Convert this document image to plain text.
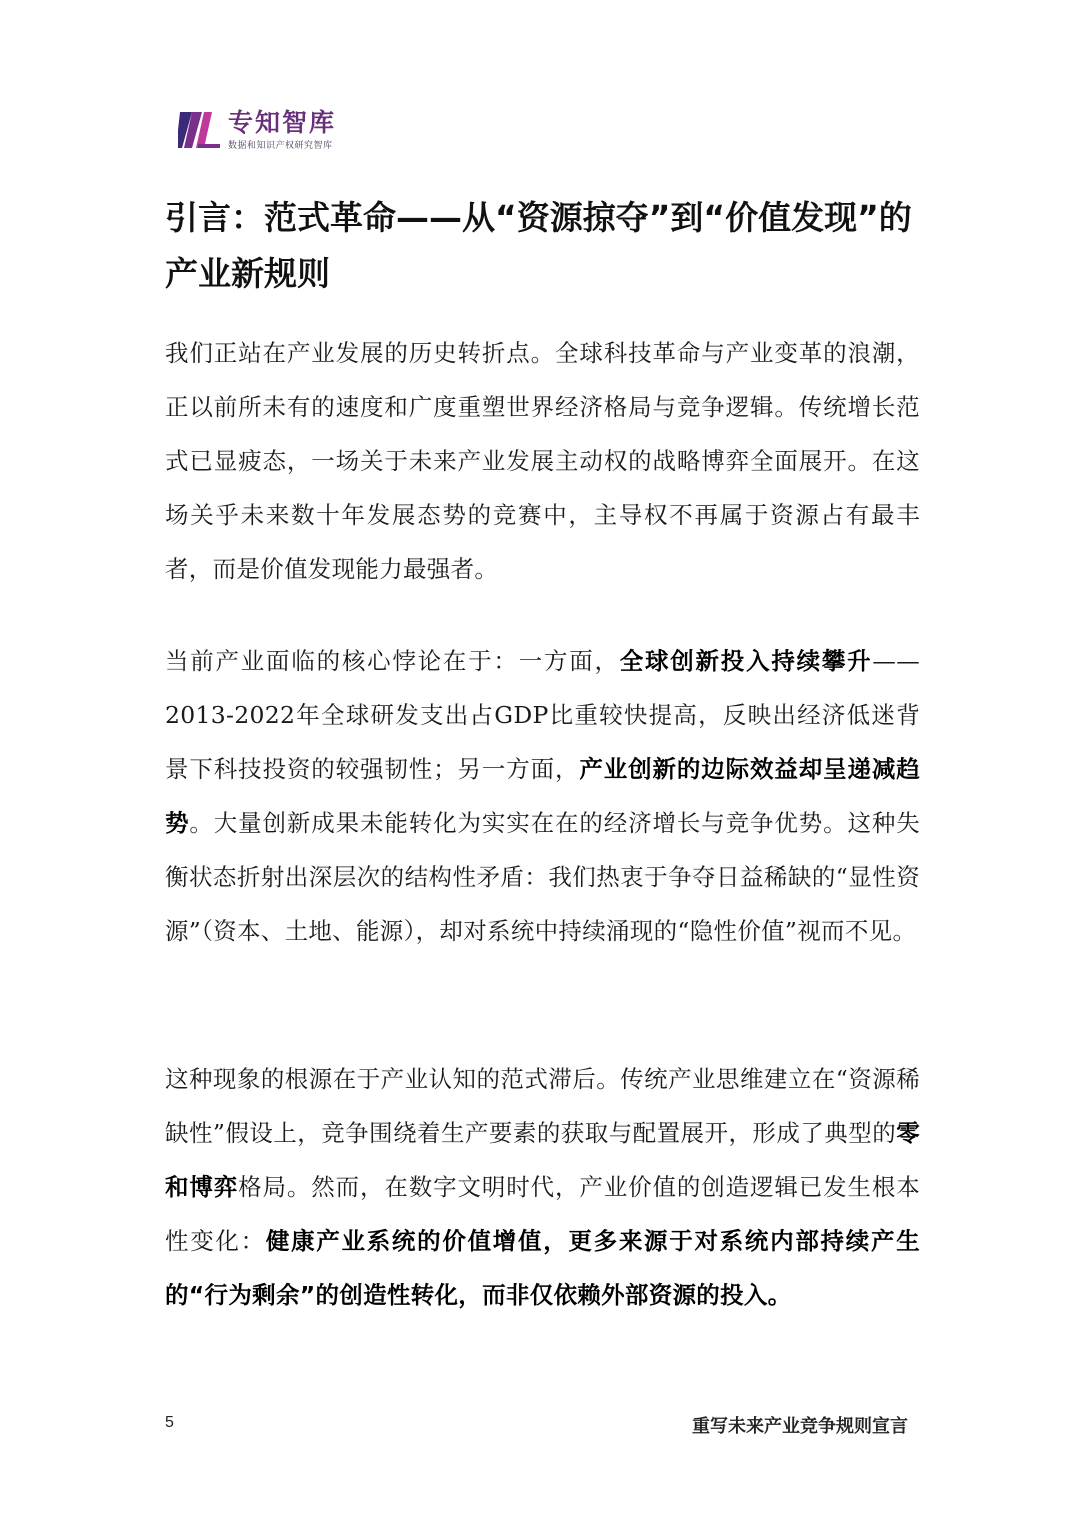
专知智库
数据和知识产权研究智库
引言：范式革命——从“资源掠夺”到“价值发现”的产业新规则
我们正站在产业发展的历史转折点。全球科技革命与产业变革的浪潮，正以前所未有的速度和广度重塑世界经济格局与竞争逻辑。传统增长范式已显疲态，一场关于未来产业发展主动权的战略博弈全面展开。在这场关乎未来数十年发展态势的竞赛中，主导权不再属于资源占有最丰者，而是价值发现能力最强者。
当前产业面临的核心悖论在于：一方面，全球创新投入持续攀升——2013-2022年全球研发支出占GDP比重较快提高，反映出经济低迷背景下科技投资的较强韧性；另一方面，产业创新的边际效益却呈递减趋势。大量创新成果未能转化为实实在在的经济增长与竞争优势。这种失衡状态折射出深层次的结构性矛盾：我们热衷于争夺日益稀缺的“显性资源”（资本、土地、能源），却对系统中持续涌现的“隐性价值”视而不见。
这种现象的根源在于产业认知的范式滞后。传统产业思维建立在“资源稀缺性”假设上，竞争围绕着生产要素的获取与配置展开，形成了典型的零和博弈格局。然而，在数字文明时代，产业价值的创造逻辑已发生根本性变化：健康产业系统的价值增值，更多来源于对系统内部持续产生的“行为剩余”的创造性转化，而非仅依赖外部资源的投入。
5	重写未来产业竞争规则宣言
